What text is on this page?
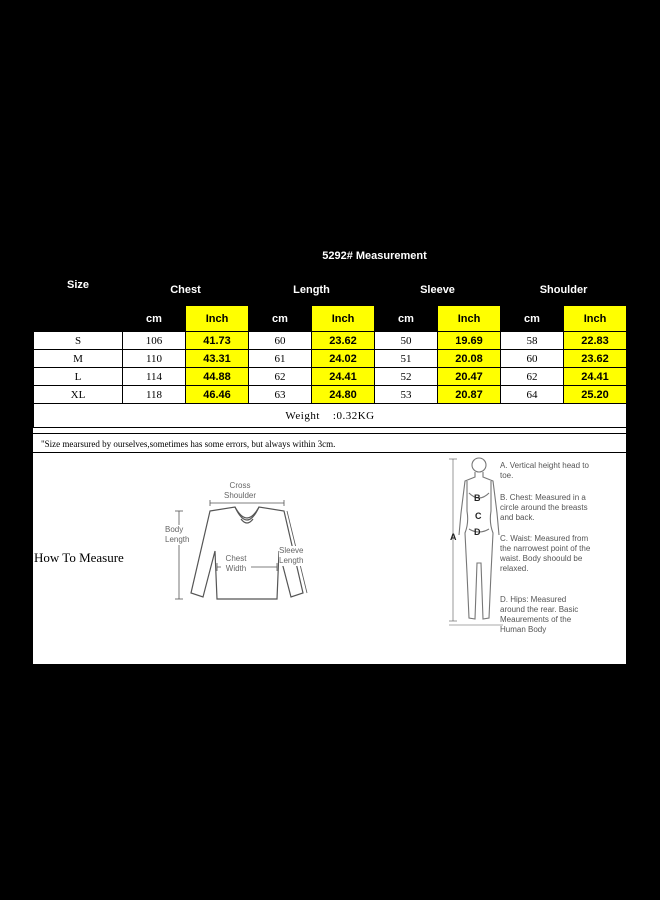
Size	5292# Measurement							
	Chest		Length		Sleeve		Shoulder	
	cm	Inch	cm	Inch	cm	Inch	cm	Inch
S	106	41.73	60	23.62	50	19.69	58	22.83
M	110	43.31	61	24.02	51	20.08	60	23.62
L	114	44.88	62	24.41	52	20.47	62	24.41
XL	118	46.46	63	24.80	53	20.87	64	25.20
Weight    :0.32KG								
"Size mearsured by ourselves,sometimes has some errors, but always within 3cm.
How To Measure
Cross Shoulder
Body Length
Chest Width
Sleeve Length
A
B
C
D
A. Vertical height head to toe.
B. Chest: Measured in a circle around the breasts and back.
C. Waist: Measured from the narrowest point of the waist. Body shoould be relaxed.
D. Hips: Measured around the rear. Basic Meaurements of the Human Body
